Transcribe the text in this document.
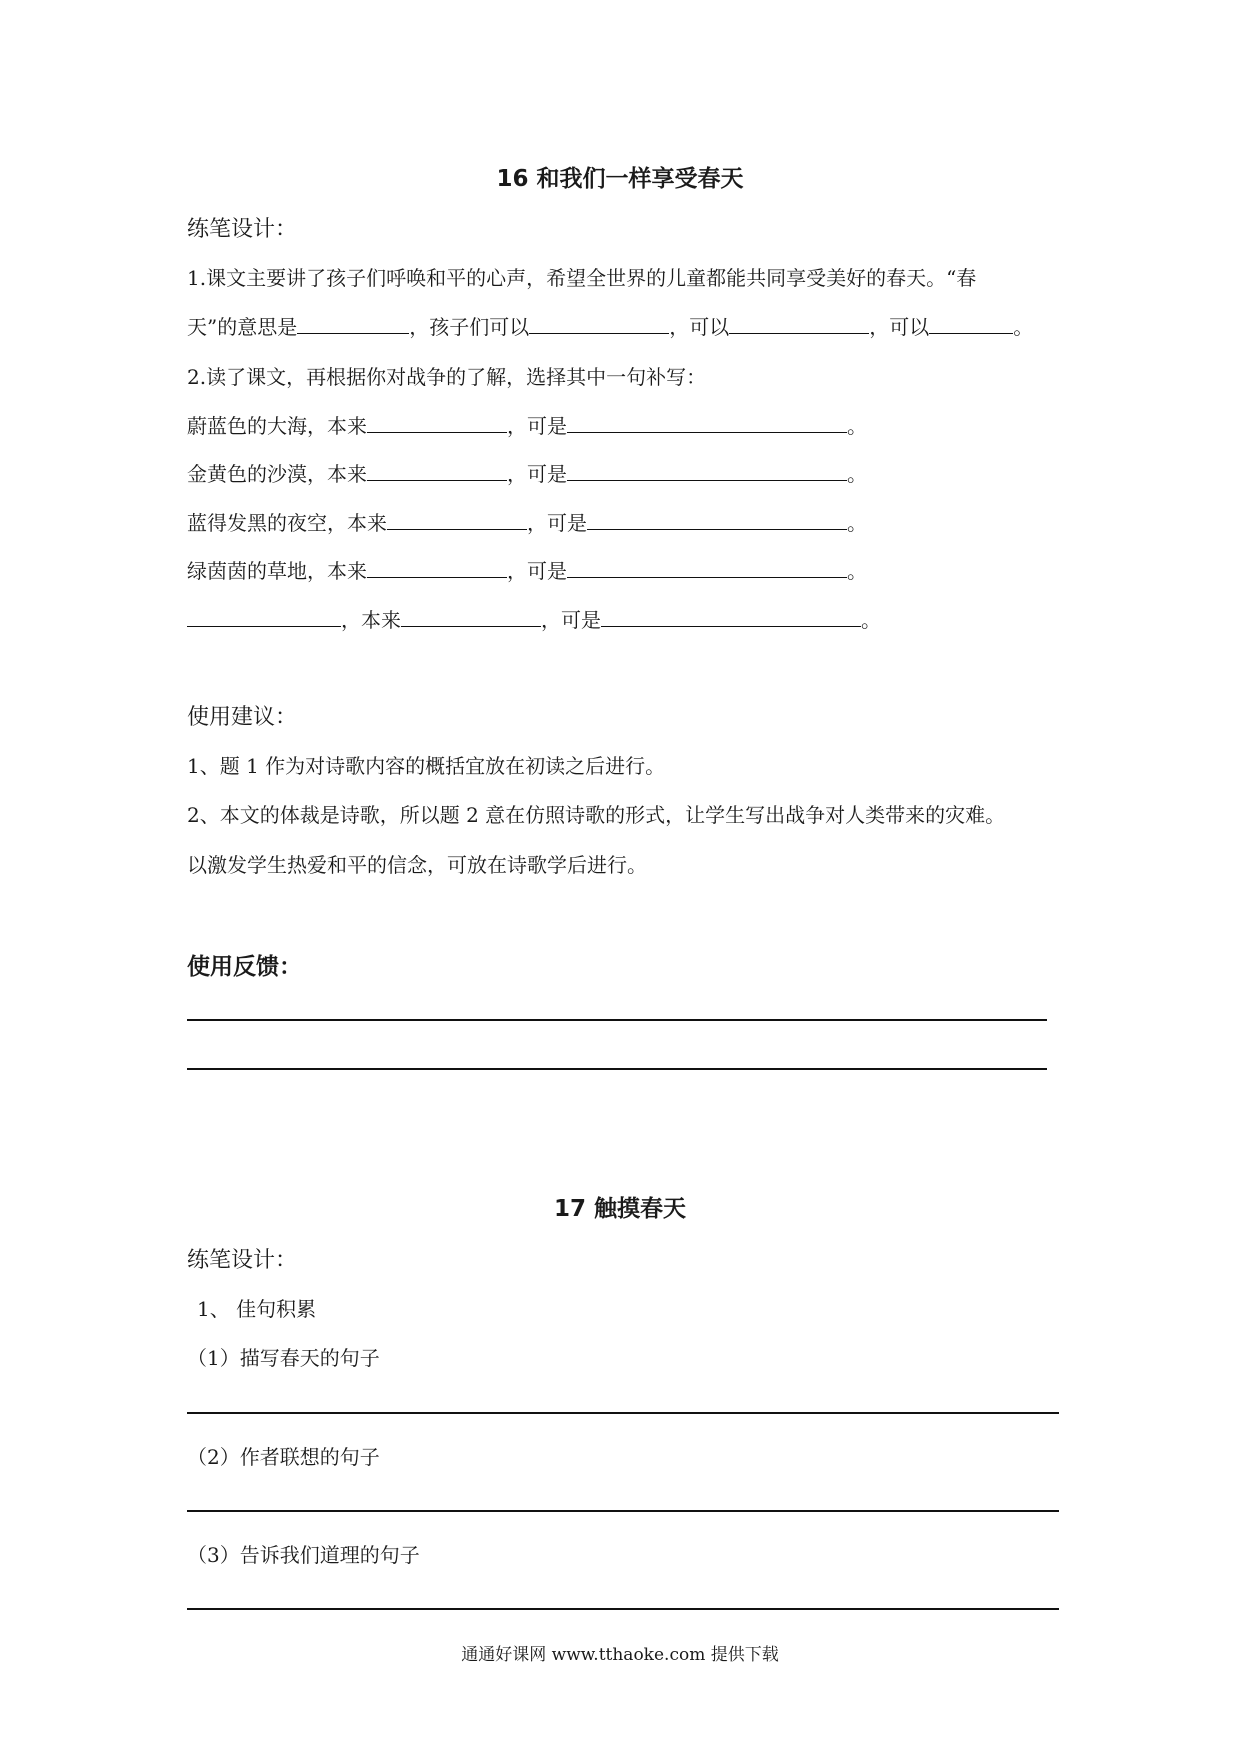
16 和我们一样享受春天
练笔设计：
1.课文主要讲了孩子们呼唤和平的心声，希望全世界的儿童都能共同享受美好的春天。“春
天”的意思是	，孩子们可以	，可以	，可以	。
2.读了课文，再根据你对战争的了解，选择其中一句补写：
蔚蓝色的大海，本来	，可是	。
金黄色的沙漠，本来	，可是	。
蓝得发黑的夜空，本来	，可是	。
绿茵茵的草地，本来	，可是	。
，本来	，可是	。
使用建议：
1、题 1 作为对诗歌内容的概括宜放在初读之后进行。
2、本文的体裁是诗歌，所以题 2 意在仿照诗歌的形式，让学生写出战争对人类带来的灾难。
以激发学生热爱和平的信念，可放在诗歌学后进行。
使用反馈：
17 触摸春天
练笔设计：
1、 佳句积累
（1）描写春天的句子
（2）作者联想的句子
（3）告诉我们道理的句子
通通好课网 www.tthaoke.com 提供下载
